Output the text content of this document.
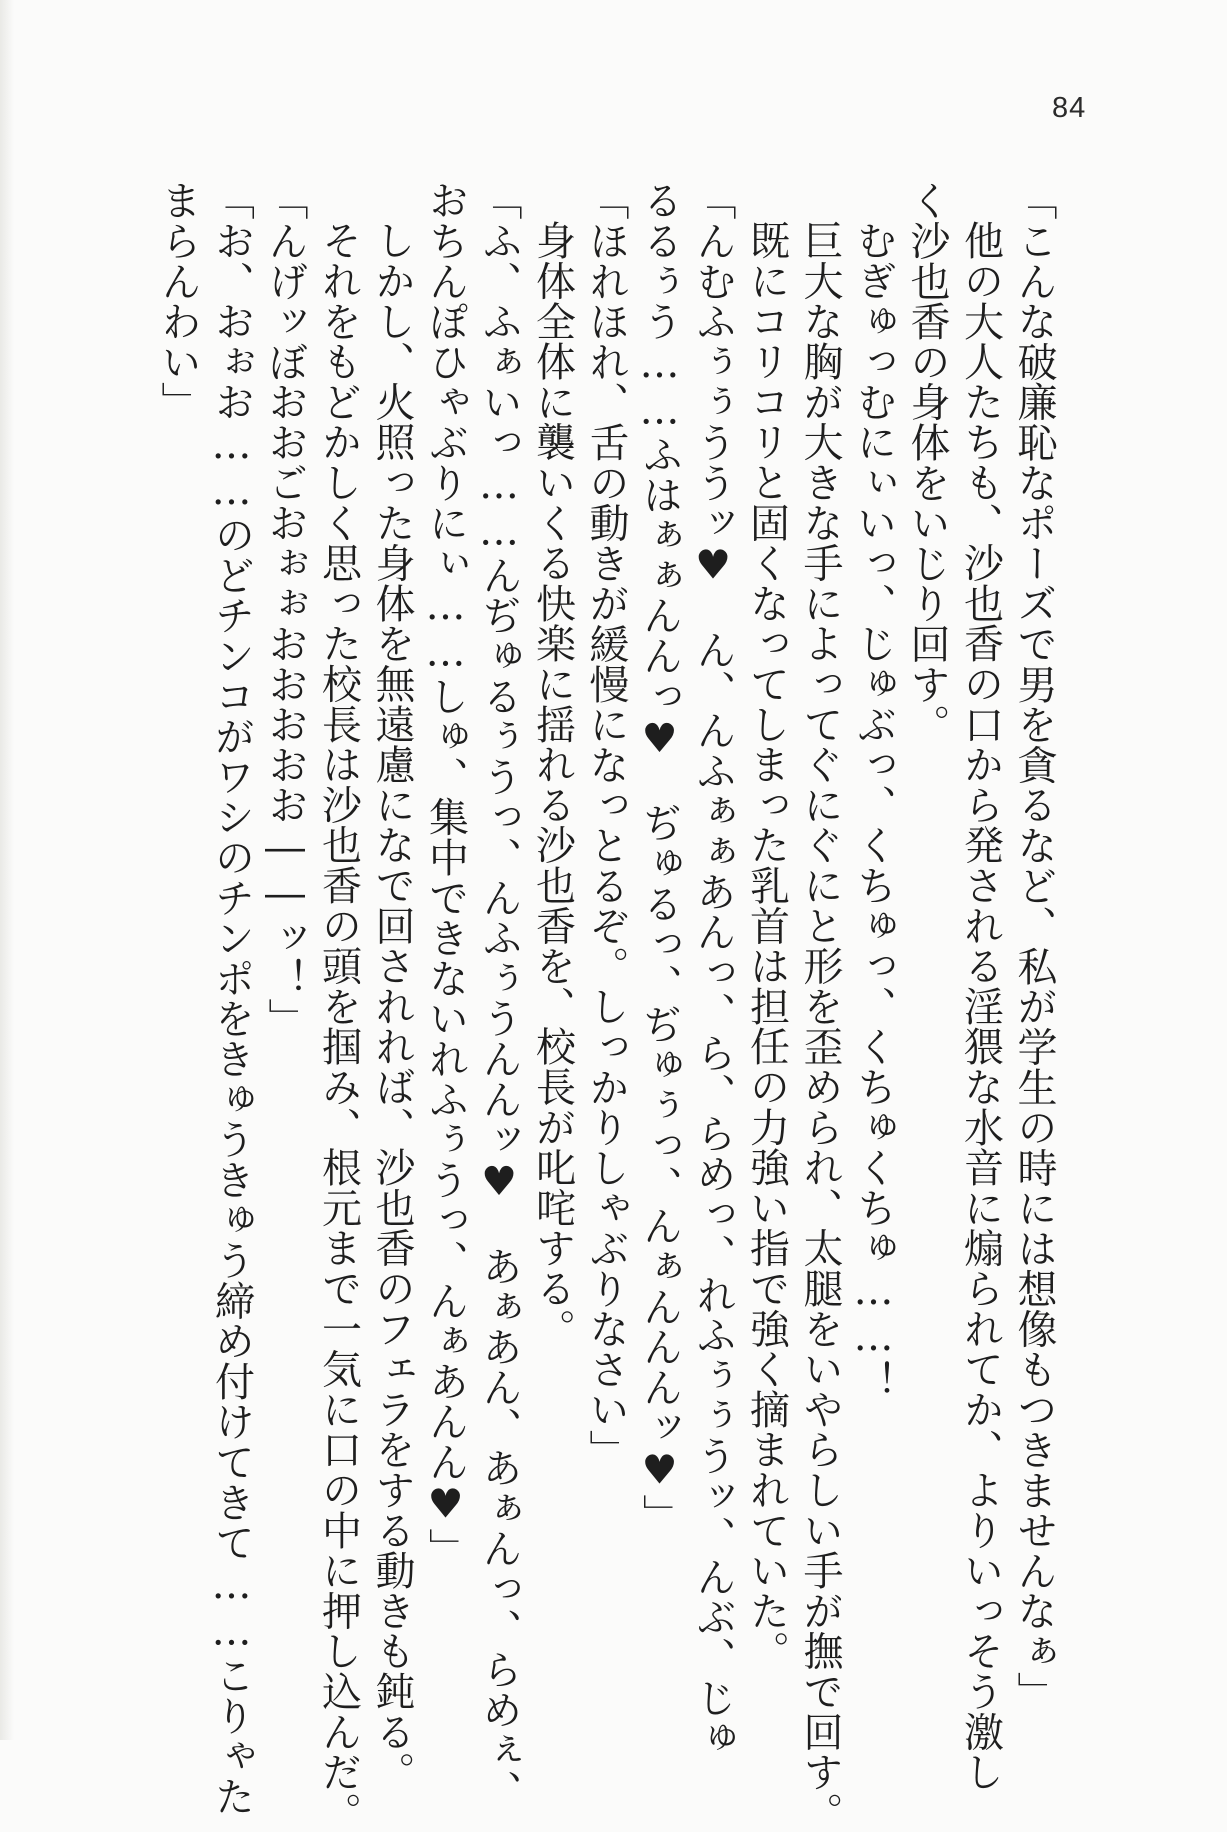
84
「こんな破廉恥なポーズで男を貪るなど、私が学生の時には想像もつきませんなぁ」
他の大人たちも、沙也香の口から発される淫猥な水音に煽られてか、よりいっそう激し
く沙也香の身体をいじり回す。
むぎゅっむにぃいっ、じゅぶっ、くちゅっ、くちゅくちゅ……！
巨大な胸が大きな手によってぐにぐにと形を歪められ、太腿をいやらしい手が撫で回す。
既にコリコリと固くなってしまった乳首は担任の力強い指で強く摘まれていた。
「んむふぅぅううッ♥　ん、んふぁぁあんっ、ら、らめっ、れふぅぅうッ、んぶ、じゅ
るるぅう……ふはぁぁんんっ♥　ぢゅるっ、ぢゅぅっ、んぁんんんッ♥」
「ほれほれ、舌の動きが緩慢になっとるぞ。しっかりしゃぶりなさい」
身体全体に襲いくる快楽に揺れる沙也香を、校長が叱咤する。
「ふ、ふぁいっ……んぢゅるぅうっ、んふぅうんんッ♥　あぁあん、あぁんっ、らめぇ、
おちんぽひゃぶりにぃ……しゅ、集中できないれふぅうっ、んぁあんん♥」
しかし、火照った身体を無遠慮になで回されれば、沙也香のフェラをする動きも鈍る。
それをもどかしく思った校長は沙也香の頭を掴み、根元まで一気に口の中に押し込んだ。
「んげッぼおおごおぉぉおおおおお――ッ！」
「お、おぉお……のどチンコがワシのチンポをきゅうきゅう締め付けてきて……こりゃた
まらんわい」
